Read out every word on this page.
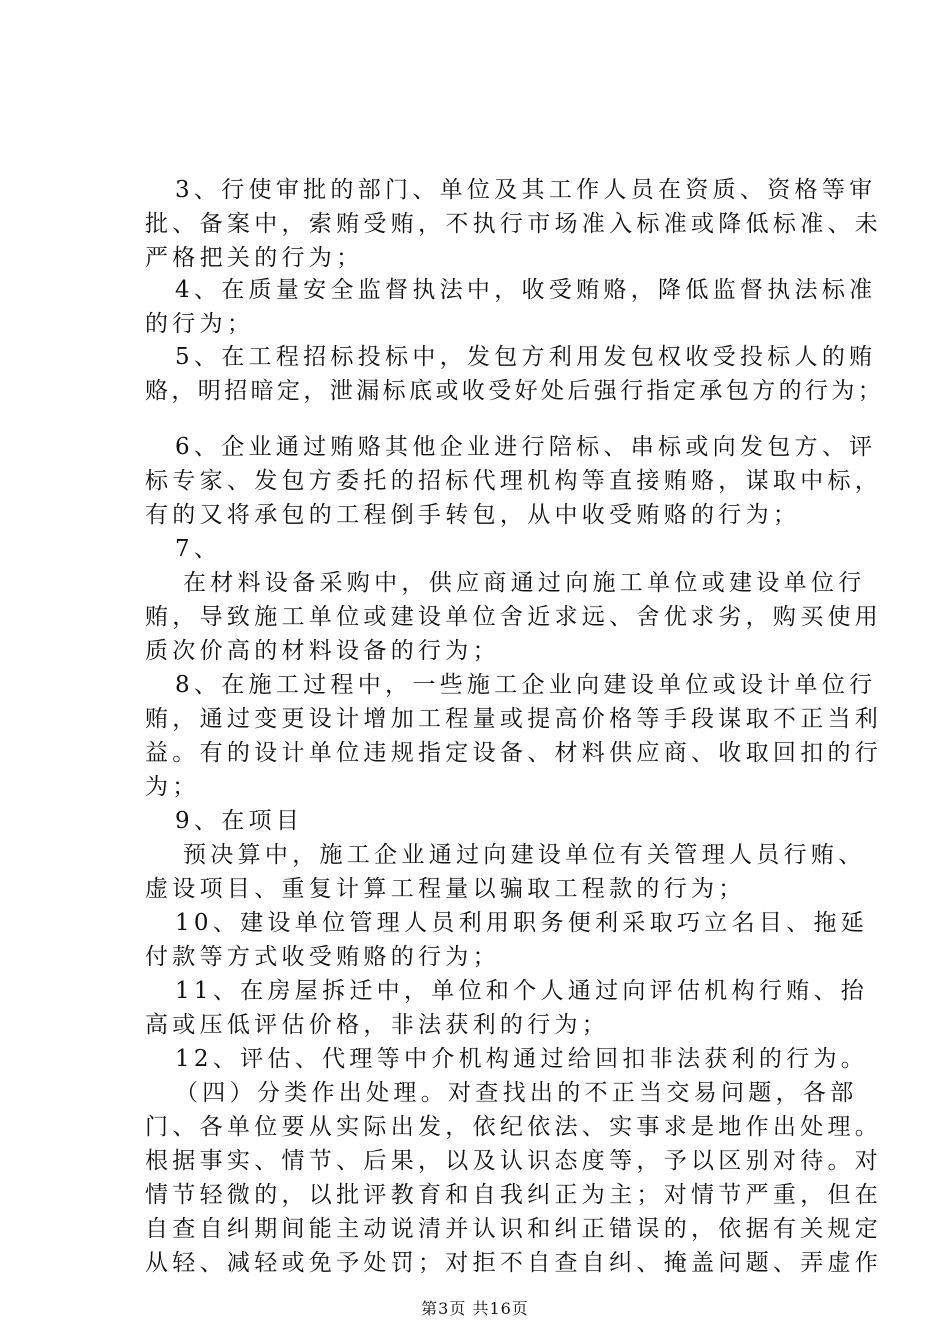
3、行使审批的部门、单位及其工作人员在资质、资格等审
批、备案中，索贿受贿，不执行市场准入标准或降低标准、未
严格把关的行为；
4、在质量安全监督执法中，收受贿赂，降低监督执法标准
的行为；
5、在工程招标投标中，发包方利用发包权收受投标人的贿
赂，明招暗定，泄漏标底或收受好处后强行指定承包方的行为；
6、企业通过贿赂其他企业进行陪标、串标或向发包方、评
标专家、发包方委托的招标代理机构等直接贿赂，谋取中标，
有的又将承包的工程倒手转包，从中收受贿赂的行为；
7、
在材料设备采购中，供应商通过向施工单位或建设单位行
贿，导致施工单位或建设单位舍近求远、舍优求劣，购买使用
质次价高的材料设备的行为；
8、在施工过程中，一些施工企业向建设单位或设计单位行
贿，通过变更设计增加工程量或提高价格等手段谋取不正当利
益。有的设计单位违规指定设备、材料供应商、收取回扣的行
为；
9、在项目
预决算中，施工企业通过向建设单位有关管理人员行贿、
虚设项目、重复计算工程量以骗取工程款的行为；
10、建设单位管理人员利用职务便利采取巧立名目、拖延
付款等方式收受贿赂的行为；
11、在房屋拆迁中，单位和个人通过向评估机构行贿、抬
高或压低评估价格，非法获利的行为；
12、评估、代理等中介机构通过给回扣非法获利的行为。
（四）分类作出处理。对查找出的不正当交易问题，各部
门、各单位要从实际出发，依纪依法、实事求是地作出处理。
根据事实、情节、后果，以及认识态度等，予以区别对待。对
情节轻微的，以批评教育和自我纠正为主；对情节严重，但在
自查自纠期间能主动说清并认识和纠正错误的，依据有关规定
从轻、减轻或免予处罚；对拒不自查自纠、掩盖问题、弄虚作
第3页 共16页
